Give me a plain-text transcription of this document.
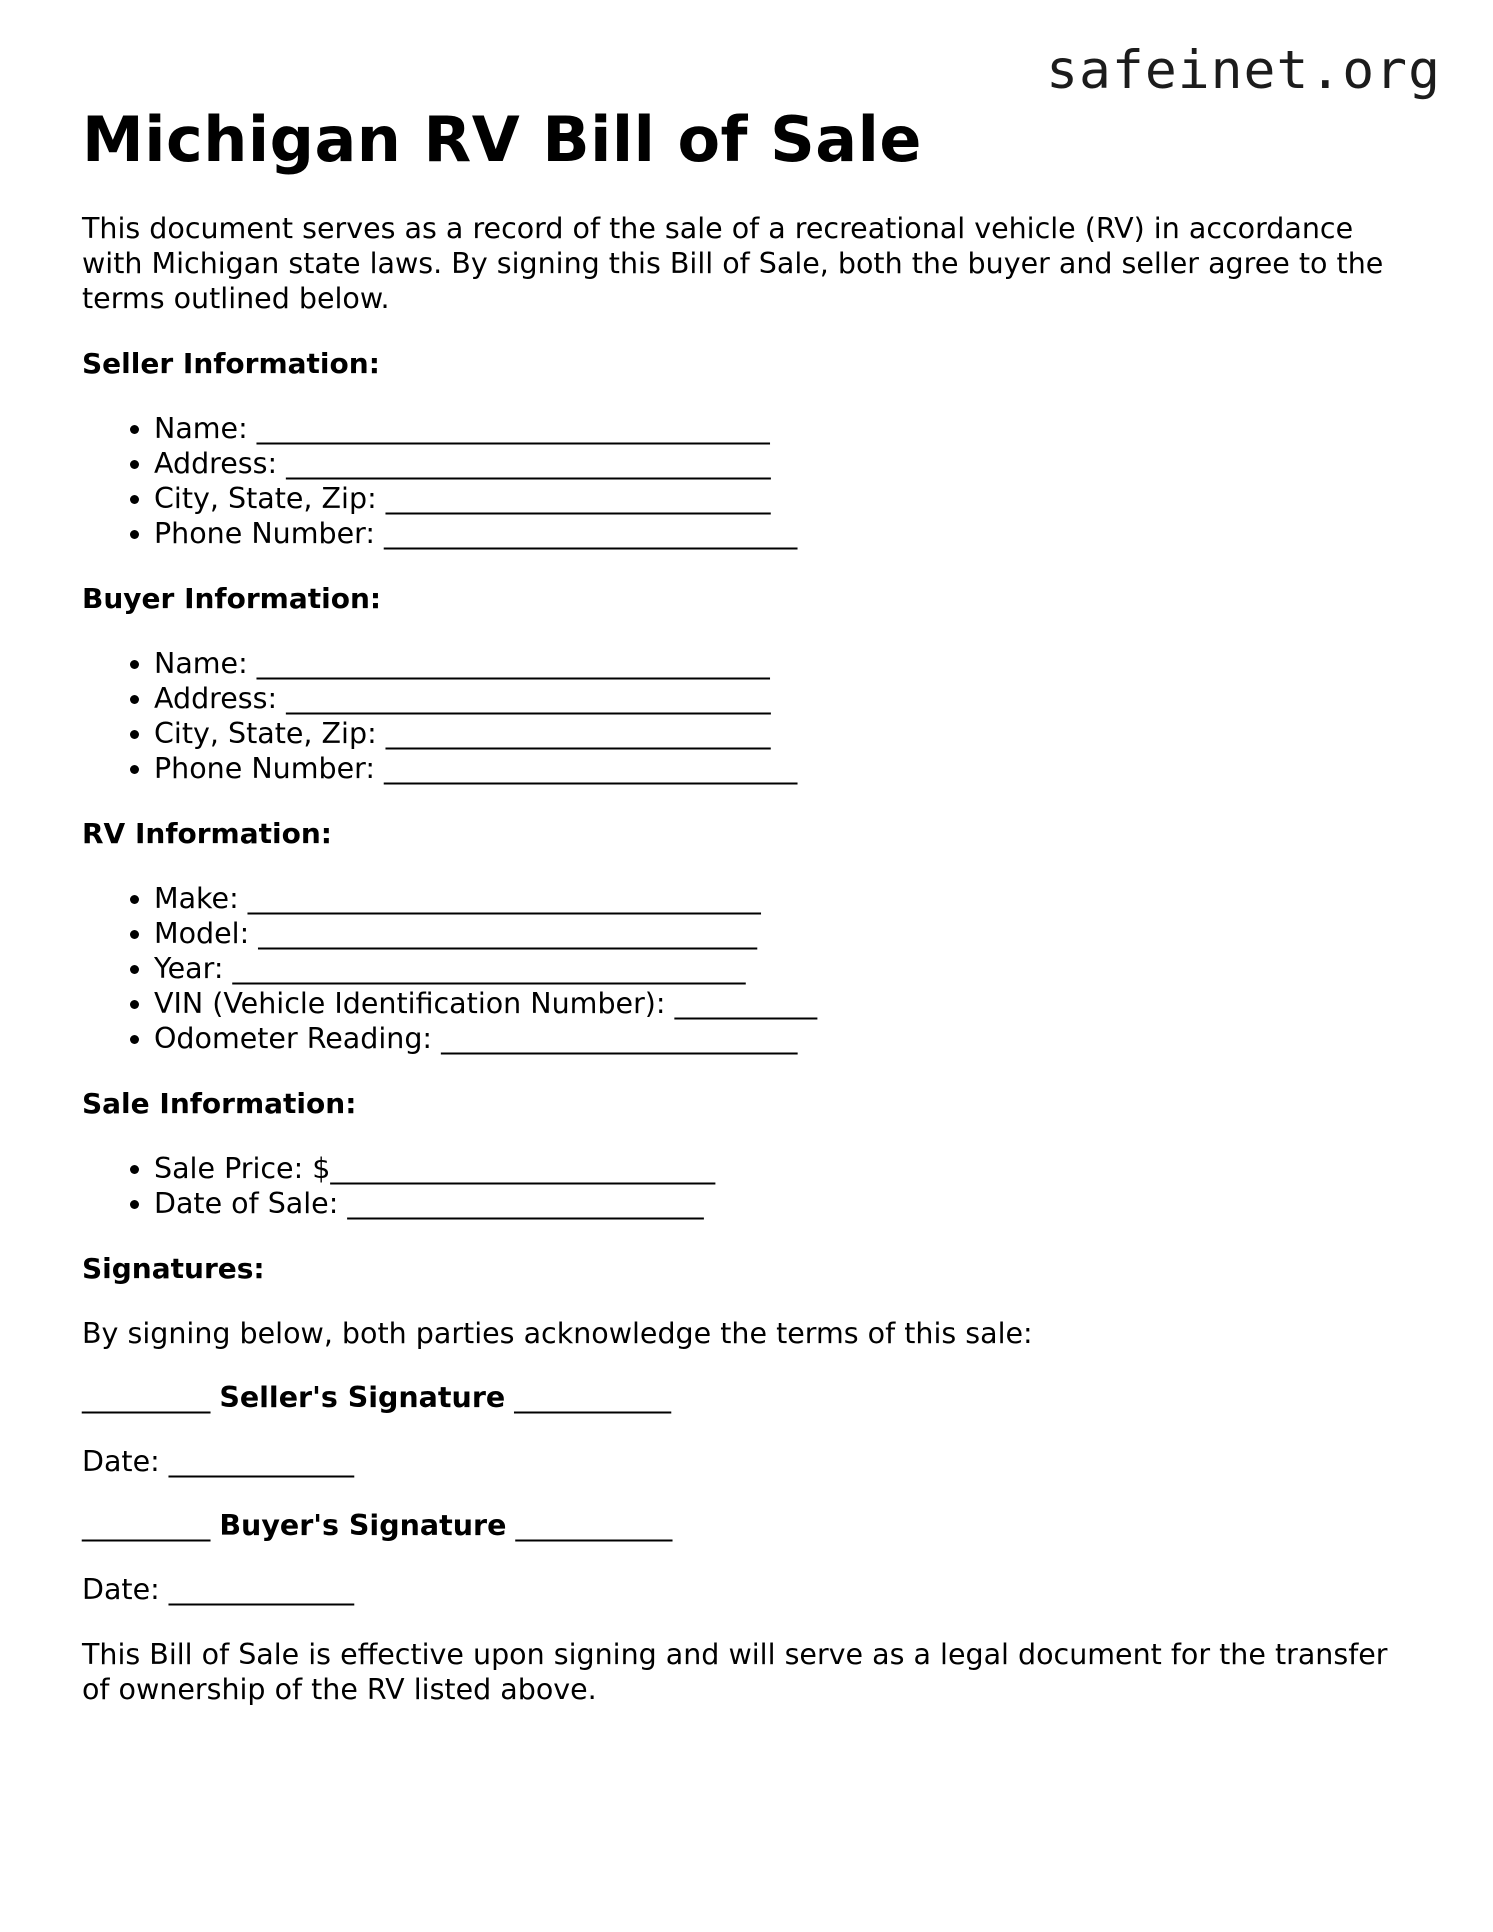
safeinet.org
Michigan RV Bill of Sale

This document serves as a record of the sale of a recreational vehicle (RV) in accordance with Michigan state laws. By signing this Bill of Sale, both the buyer and seller agree to the terms outlined below.

Seller Information:
• Name: ____________________________________
• Address: __________________________________
• City, State, Zip: ___________________________
• Phone Number: _____________________________
Buyer Information:
• Name: ____________________________________
• Address: __________________________________
• City, State, Zip: ___________________________
• Phone Number: _____________________________
RV Information:
• Make: ____________________________________
• Model: ___________________________________
• Year: ____________________________________
• VIN (Vehicle Identification Number): __________
• Odometer Reading: _________________________
Sale Information:
• Sale Price: $___________________________
• Date of Sale: _________________________
Signatures:

By signing below, both parties acknowledge the terms of this sale:

_________ Seller's Signature ___________

Date: _____________

_________ Buyer's Signature ___________

Date: _____________

This Bill of Sale is effective upon signing and will serve as a legal document for the transfer of ownership of the RV listed above.
